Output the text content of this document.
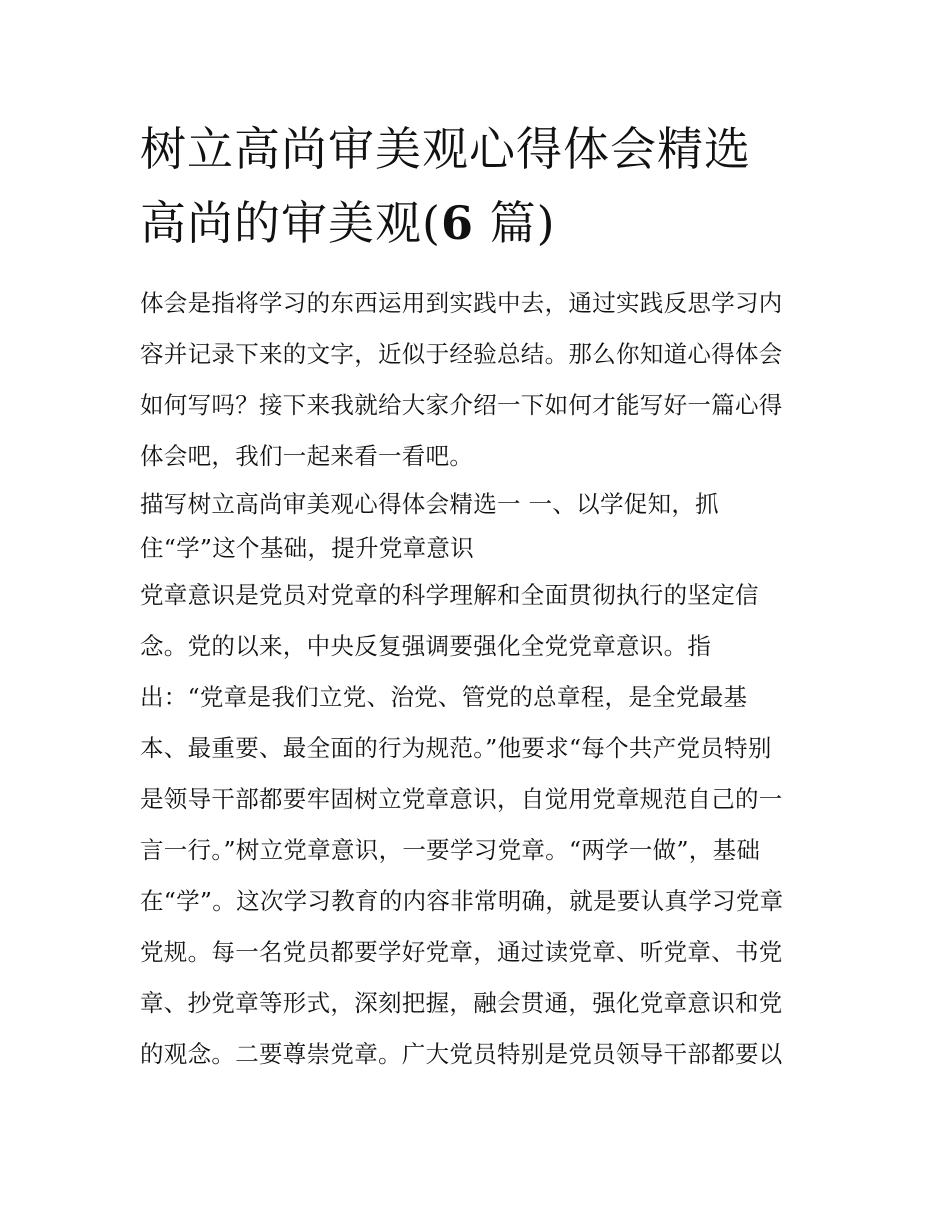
树立高尚审美观心得体会精选
高尚的审美观(6 篇)
体会是指将学习的东西运用到实践中去，通过实践反思学习内
容并记录下来的文字，近似于经验总结。那么你知道心得体会
如何写吗？接下来我就给大家介绍一下如何才能写好一篇心得
体会吧，我们一起来看一看吧。
描写树立高尚审美观心得体会精选一 一、以学促知，抓
住“学”这个基础，提升党章意识
党章意识是党员对党章的科学理解和全面贯彻执行的坚定信
念。党的以来，中央反复强调要强化全党党章意识。指
出：“党章是我们立党、治党、管党的总章程，是全党最基
本、最重要、最全面的行为规范。”他要求“每个共产党员特别
是领导干部都要牢固树立党章意识，自觉用党章规范自己的一
言一行。”树立党章意识，一要学习党章。“两学一做”，基础
在“学”。这次学习教育的内容非常明确，就是要认真学习党章
党规。每一名党员都要学好党章，通过读党章、听党章、书党
章、抄党章等形式，深刻把握，融会贯通，强化党章意识和党
的观念。二要尊崇党章。广大党员特别是党员领导干部都要以
